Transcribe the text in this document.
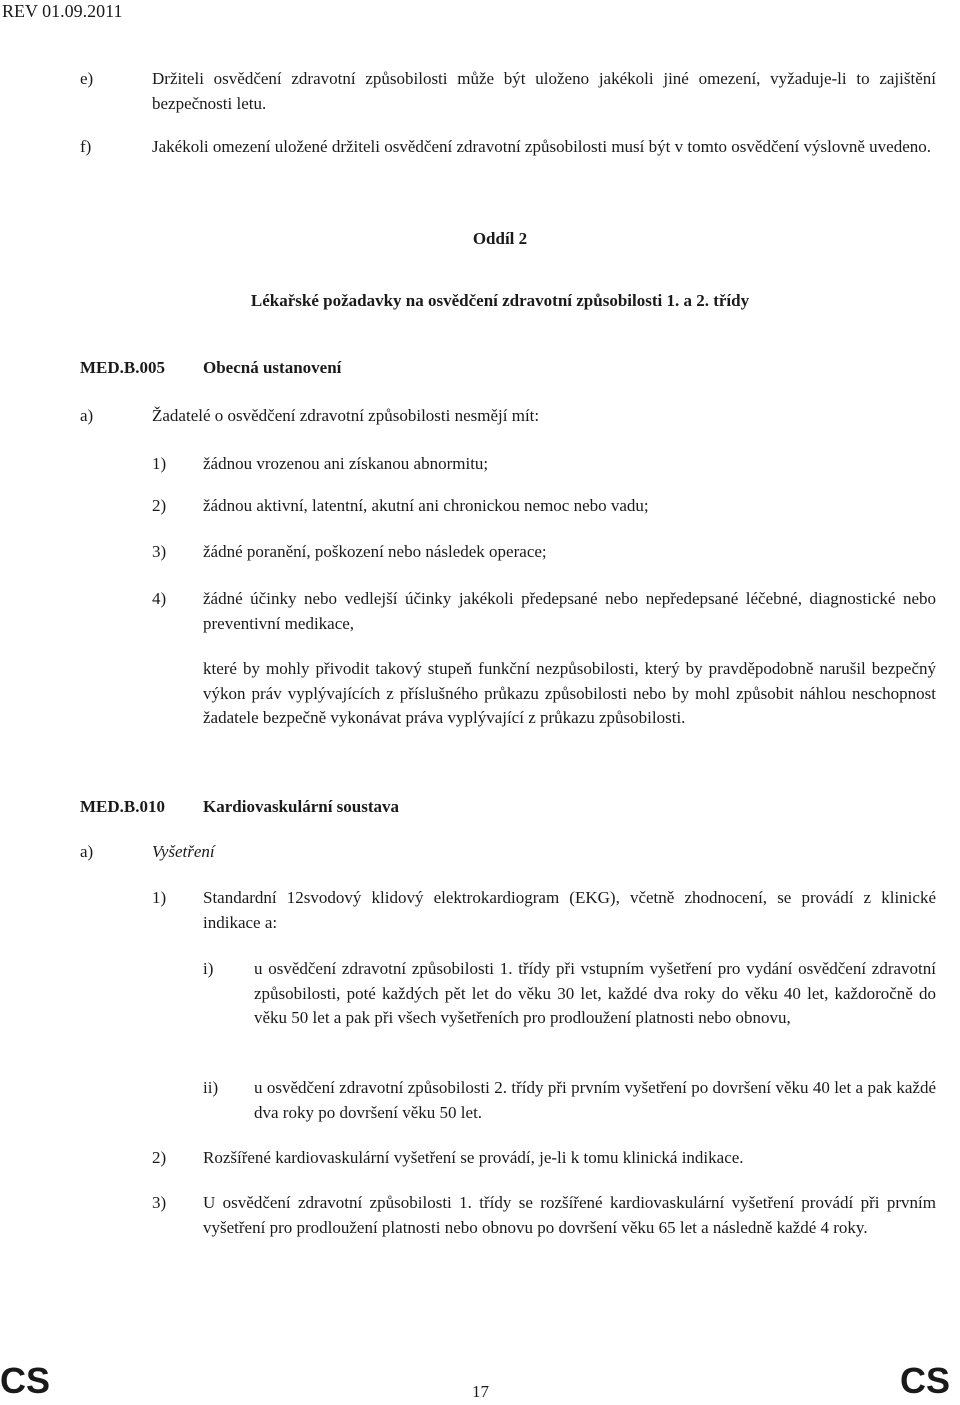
REV 01.09.2011
e)	Držiteli osvědčení zdravotní způsobilosti může být uloženo jakékoli jiné omezení, vyžaduje-li to zajištění bezpečnosti letu.
f)	Jakékoli omezení uložené držiteli osvědčení zdravotní způsobilosti musí být v tomto osvědčení výslovně uvedeno.
Oddíl 2
Lékařské požadavky na osvědčení zdravotní způsobilosti 1. a 2. třídy
MED.B.005 Obecná ustanovení
a)	Žadatelé o osvědčení zdravotní způsobilosti nesmějí mít:
1)	žádnou vrozenou ani získanou abnormitu;
2)	žádnou aktivní, latentní, akutní ani chronickou nemoc nebo vadu;
3)	žádné poranění, poškození nebo následek operace;
4)	žádné účinky nebo vedlejší účinky jakékoli předepsané nebo nepředepsané léčebné, diagnostické nebo preventivní medikace,
které by mohly přivodit takový stupeň funkční nezpůsobilosti, který by pravděpodobně narušil bezpečný výkon práv vyplývajících z příslušného průkazu způsobilosti nebo by mohl způsobit náhlou neschopnost žadatele bezpečně vykonávat práva vyplývající z průkazu způsobilosti.
MED.B.010 Kardiovaskulární soustava
a)	Vyšetření
1)	Standardní 12svodový klidový elektrokardiogram (EKG), včetně zhodnocení, se provádí z klinické indikace a:
i)	u osvědčení zdravotní způsobilosti 1. třídy při vstupním vyšetření pro vydání osvědčení zdravotní způsobilosti, poté každých pět let do věku 30 let, každé dva roky do věku 40 let, každoročně do věku 50 let a pak při všech vyšetřeních pro prodloužení platnosti nebo obnovu,
ii)	u osvědčení zdravotní způsobilosti 2. třídy při prvním vyšetření po dovršení věku 40 let a pak každé dva roky po dovršení věku 50 let.
2)	Rozšířené kardiovaskulární vyšetření se provádí, je-li k tomu klinická indikace.
3)	U osvědčení zdravotní způsobilosti 1. třídy se rozšířené kardiovaskulární vyšetření provádí při prvním vyšetření pro prodloužení platnosti nebo obnovu po dovršení věku 65 let a následně každé 4 roky.
CS	17	CS
